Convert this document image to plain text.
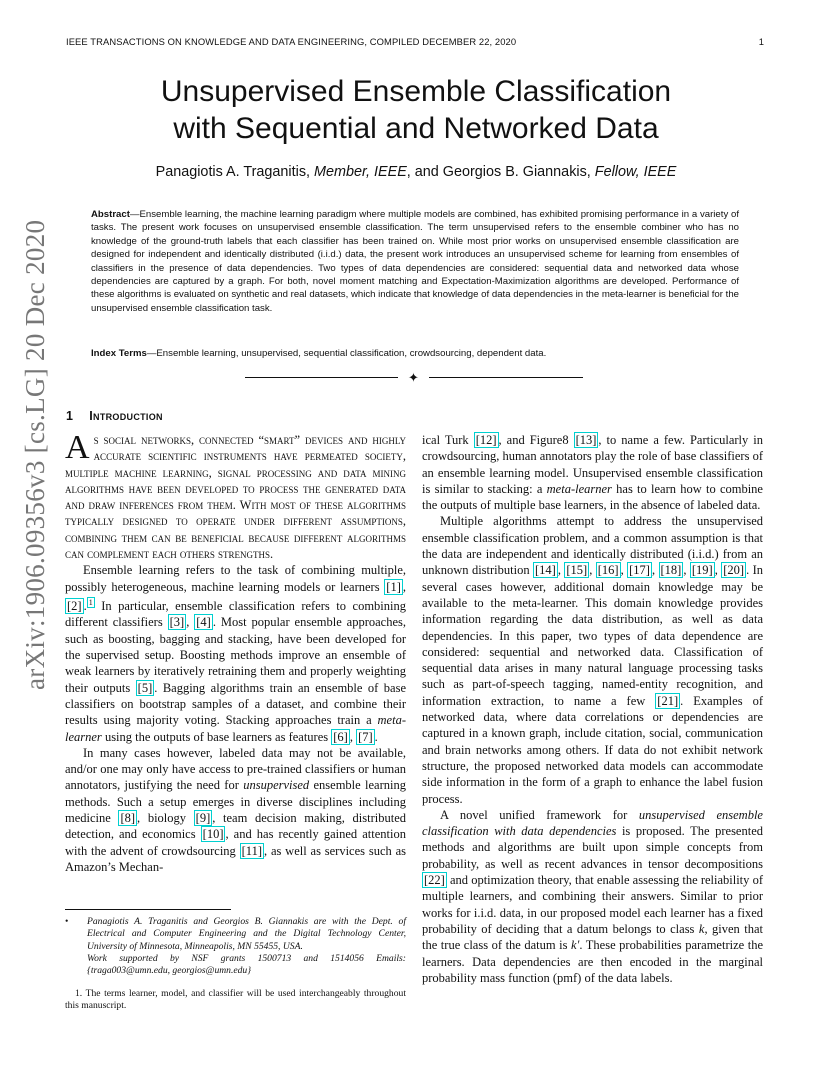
IEEE TRANSACTIONS ON KNOWLEDGE AND DATA ENGINEERING, COMPILED DECEMBER 22, 2020	1
arXiv:1906.09356v3 [cs.LG] 20 Dec 2020
Unsupervised Ensemble Classification
with Sequential and Networked Data
Panagiotis A. Traganitis, Member, IEEE, and Georgios B. Giannakis, Fellow, IEEE
Abstract—Ensemble learning, the machine learning paradigm where multiple models are combined, has exhibited promising performance in a variety of tasks. The present work focuses on unsupervised ensemble classification. The term unsupervised refers to the ensemble combiner who has no knowledge of the ground-truth labels that each classifier has been trained on. While most prior works on unsupervised ensemble classification are designed for independent and identically distributed (i.i.d.) data, the present work introduces an unsupervised scheme for learning from ensembles of classifiers in the presence of data dependencies. Two types of data dependencies are considered: sequential data and networked data whose dependencies are captured by a graph. For both, novel moment matching and Expectation-Maximization algorithms are developed. Performance of these algorithms is evaluated on synthetic and real datasets, which indicate that knowledge of data dependencies in the meta-learner is beneficial for the unsupervised ensemble classification task.
Index Terms—Ensemble learning, unsupervised, sequential classification, crowdsourcing, dependent data.
✦
1 Introduction

As social networks, connected “smart” devices and highly accurate scientific instruments have permeated society, multiple machine learning, signal processing and data mining algorithms have been developed to process the generated data and draw inferences from them. With most of these algorithms typically designed to operate under different assumptions, combining them can be beneficial because different algorithms can complement each others strengths.

Ensemble learning refers to the task of combining multiple, possibly heterogeneous, machine learning models or learners [1] , [2] . $^1$ In particular, ensemble classification refers to combining different classifiers [3] , [4] . Most popular ensemble approaches, such as boosting, bagging and stacking, have been developed for the supervised setup. Boosting methods improve an ensemble of weak learners by iteratively retraining them and properly weighting their outputs [5] . Bagging algorithms train an ensemble of base classifiers on bootstrap samples of a dataset, and combine their results using majority voting. Stacking approaches train a meta-learner using the outputs of base learners as features [6] , [7] .

In many cases however, labeled data may not be available, and/or one may only have access to pre-trained classifiers or human annotators, justifying the need for unsupervised ensemble learning methods. Such a setup emerges in diverse disciplines including medicine [8] , biology [9] , team decision making, distributed detection, and economics [10] , and has recently gained attention with the advent of crowdsourcing [11] , as well as services such as Amazon’s Mechan-

• Panagiotis A. Traganitis and Georgios B. Giannakis are with the Dept. of Electrical and Computer Engineering and the Digital Technology Center, University of Minnesota, Minneapolis, MN 55455, USA.
Work supported by NSF grants 1500713 and 1514056 Emails: {traga003@umn.edu, georgios@umn.edu}
1. The terms learner, model, and classifier will be used interchangeably throughout this manuscript.

ical Turk [12] , and Figure8 [13] , to name a few. Particularly in crowdsourcing, human annotators play the role of base classifiers of an ensemble learning model. Unsupervised ensemble classification is similar to stacking: a meta-learner has to learn how to combine the outputs of multiple base learners, in the absence of labeled data.

Multiple algorithms attempt to address the unsupervised ensemble classification problem, and a common assumption is that the data are independent and identically distributed (i.i.d.) from an unknown distribution [14] , [15] , [16] , [17] , [18] , [19] , [20] . In several cases however, additional domain knowledge may be available to the meta-learner. This domain knowledge provides information regarding the data distribution, as well as data dependencies. In this paper, two types of data dependence are considered: sequential and networked data. Classification of sequential data arises in many natural language processing tasks such as part-of-speech tagging, named-entity recognition, and information extraction, to name a few [21] . Examples of networked data, where data correlations or dependencies are captured in a known graph, include citation, social, communication and brain networks among others. If data do not exhibit network structure, the proposed networked data models can accommodate side information in the form of a graph to enhance the label fusion process.

A novel unified framework for unsupervised ensemble classification with data dependencies is proposed. The presented methods and algorithms are built upon simple concepts from probability, as well as recent advances in tensor decompositions [22] and optimization theory, that enable assessing the reliability of multiple learners, and combining their answers. Similar to prior works for i.i.d. data, in our proposed model each learner has a fixed probability of deciding that a datum belongs to class k, given that the true class of the datum is k′. These probabilities parametrize the learners. Data dependencies are then encoded in the marginal probability mass function (pmf) of the data labels.
